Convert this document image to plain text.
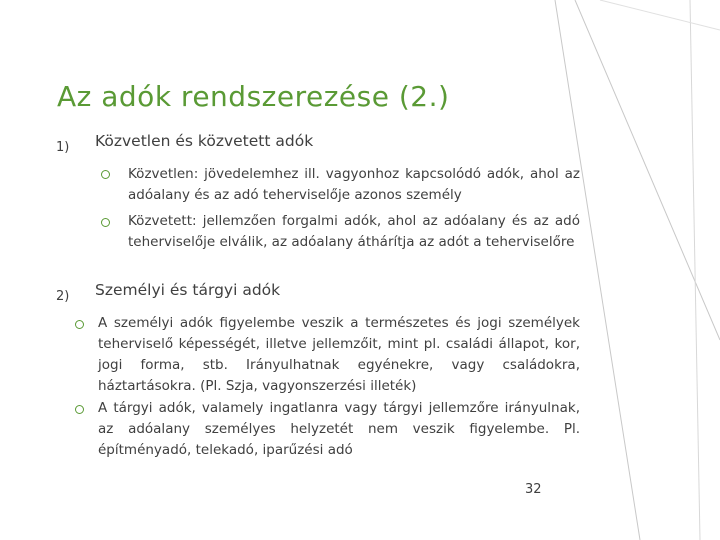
Az adók rendszerezése (2.)
1) Közvetlen és közvetett adók
Közvetlen: jövedelemhez ill. vagyonhoz kapcsolódó adók, ahol az adóalany és az adó teherviselője azonos személy
Közvetett: jellemzően forgalmi adók, ahol az adóalany és az adó teherviselője elválik, az adóalany áthárítja az adót a teherviselőre
2) Személyi és tárgyi adók
A személyi adók figyelembe veszik a természetes és jogi személyek teherviselő képességét, illetve jellemzőit, mint pl. családi állapot, kor, jogi forma, stb. Irányulhatnak egyénekre, vagy családokra, háztartásokra. (Pl. Szja, vagyonszerzési illeték)
A tárgyi adók, valamely ingatlanra vagy tárgyi jellemzőre irányulnak, az adóalany személyes helyzetét nem veszik figyelembe. Pl. építményadó, telekadó, iparűzési adó
32
